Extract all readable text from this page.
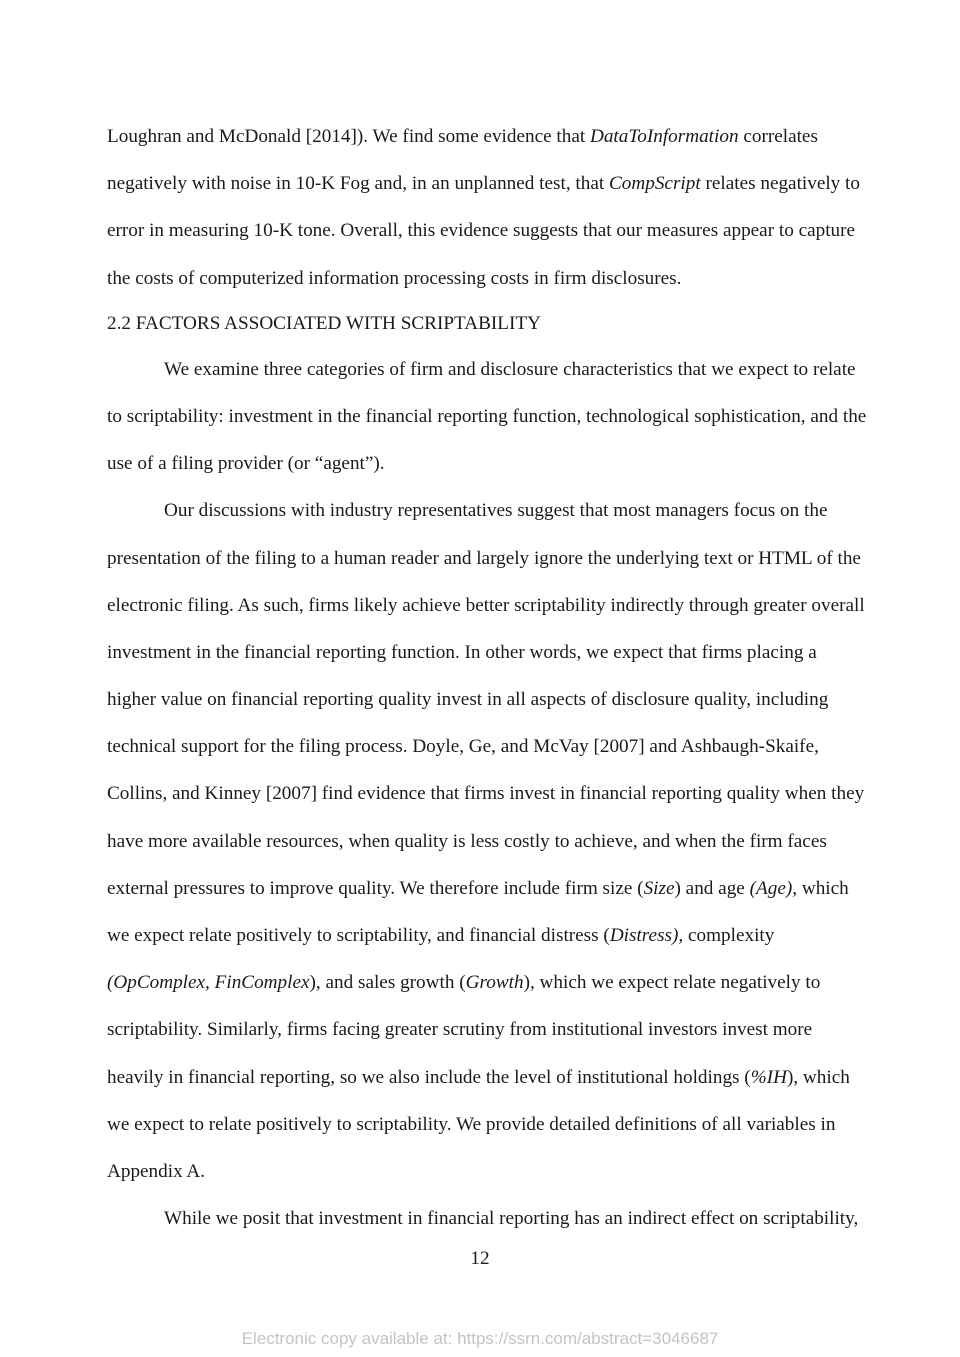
Loughran and McDonald [2014]). We find some evidence that DataToInformation correlates
negatively with noise in 10-K Fog and, in an unplanned test, that CompScript relates negatively to
error in measuring 10-K tone. Overall, this evidence suggests that our measures appear to capture
the costs of computerized information processing costs in firm disclosures.
2.2 FACTORS ASSOCIATED WITH SCRIPTABILITY
We examine three categories of firm and disclosure characteristics that we expect to relate
to scriptability: investment in the financial reporting function, technological sophistication, and the
use of a filing provider (or “agent”).
Our discussions with industry representatives suggest that most managers focus on the
presentation of the filing to a human reader and largely ignore the underlying text or HTML of the
electronic filing. As such, firms likely achieve better scriptability indirectly through greater overall
investment in the financial reporting function. In other words, we expect that firms placing a
higher value on financial reporting quality invest in all aspects of disclosure quality, including
technical support for the filing process. Doyle, Ge, and McVay [2007] and Ashbaugh-Skaife,
Collins, and Kinney [2007] find evidence that firms invest in financial reporting quality when they
have more available resources, when quality is less costly to achieve, and when the firm faces
external pressures to improve quality. We therefore include firm size (Size) and age (Age), which
we expect relate positively to scriptability, and financial distress (Distress), complexity
(OpComplex, FinComplex), and sales growth (Growth), which we expect relate negatively to
scriptability. Similarly, firms facing greater scrutiny from institutional investors invest more
heavily in financial reporting, so we also include the level of institutional holdings (%IH), which
we expect to relate positively to scriptability. We provide detailed definitions of all variables in
Appendix A.
While we posit that investment in financial reporting has an indirect effect on scriptability,
12
Electronic copy available at: https://ssrn.com/abstract=3046687
